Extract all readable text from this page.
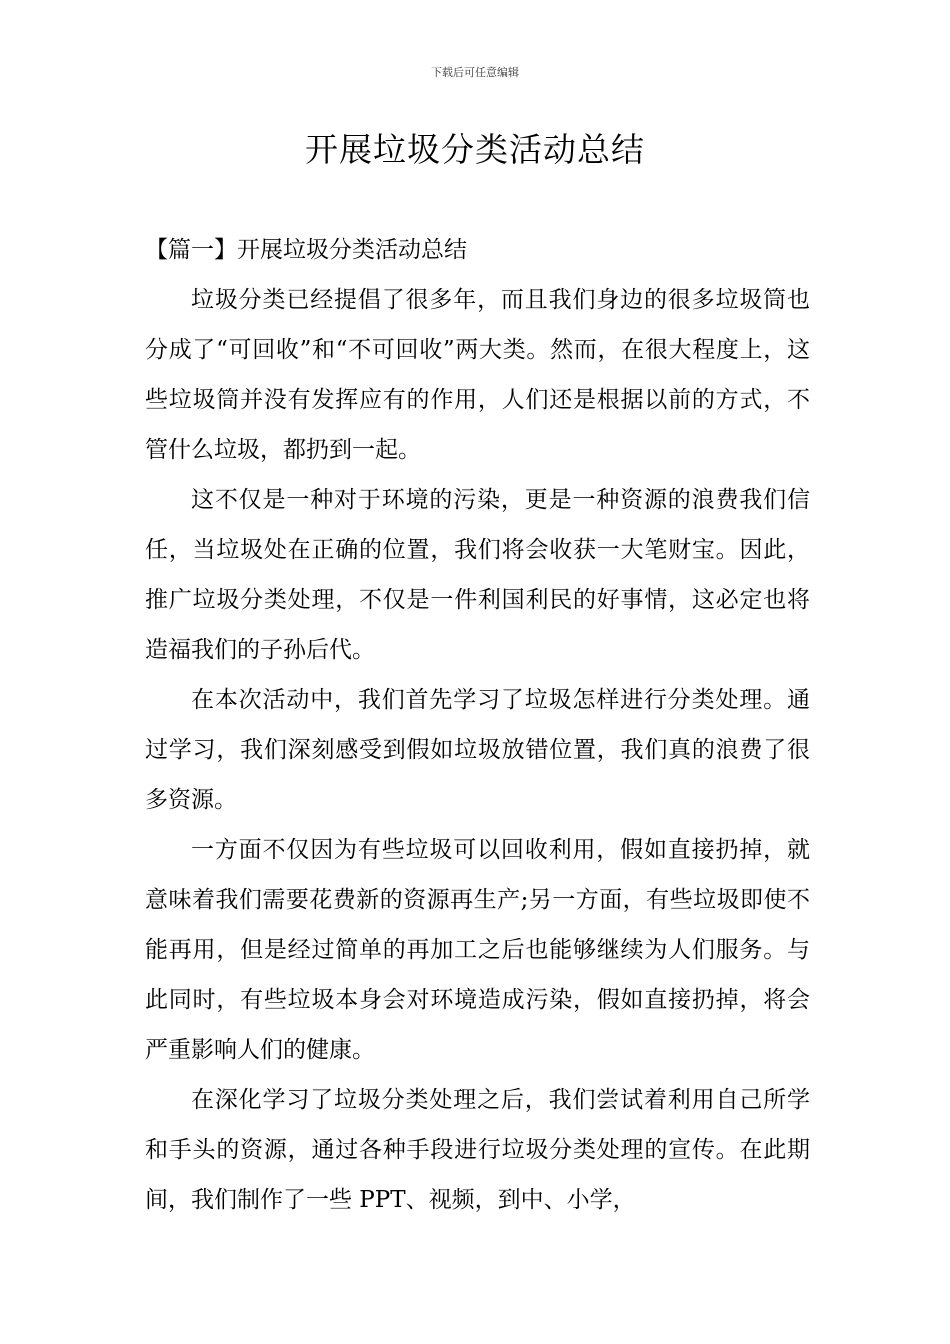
下载后可任意编辑
开展垃圾分类活动总结

【篇一】开展垃圾分类活动总结

垃圾分类已经提倡了很多年，而且我们身边的很多垃圾筒也分成了“可回收”和“不可回收”两大类。然而，在很大程度上，这些垃圾筒并没有发挥应有的作用，人们还是根据以前的方式，不管什么垃圾，都扔到一起。

这不仅是一种对于环境的污染，更是一种资源的浪费我们信任，当垃圾处在正确的位置，我们将会收获一大笔财宝。因此，推广垃圾分类处理，不仅是一件利国利民的好事情，这必定也将造福我们的子孙后代。

在本次活动中，我们首先学习了垃圾怎样进行分类处理。通过学习，我们深刻感受到假如垃圾放错位置，我们真的浪费了很多资源。

一方面不仅因为有些垃圾可以回收利用，假如直接扔掉，就意味着我们需要花费新的资源再生产;另一方面，有些垃圾即使不能再用，但是经过简单的再加工之后也能够继续为人们服务。与此同时，有些垃圾本身会对环境造成污染，假如直接扔掉，将会严重影响人们的健康。

在深化学习了垃圾分类处理之后，我们尝试着利用自己所学和手头的资源，通过各种手段进行垃圾分类处理的宣传。在此期间，我们制作了一些 PPT、视频，到中、小学，
